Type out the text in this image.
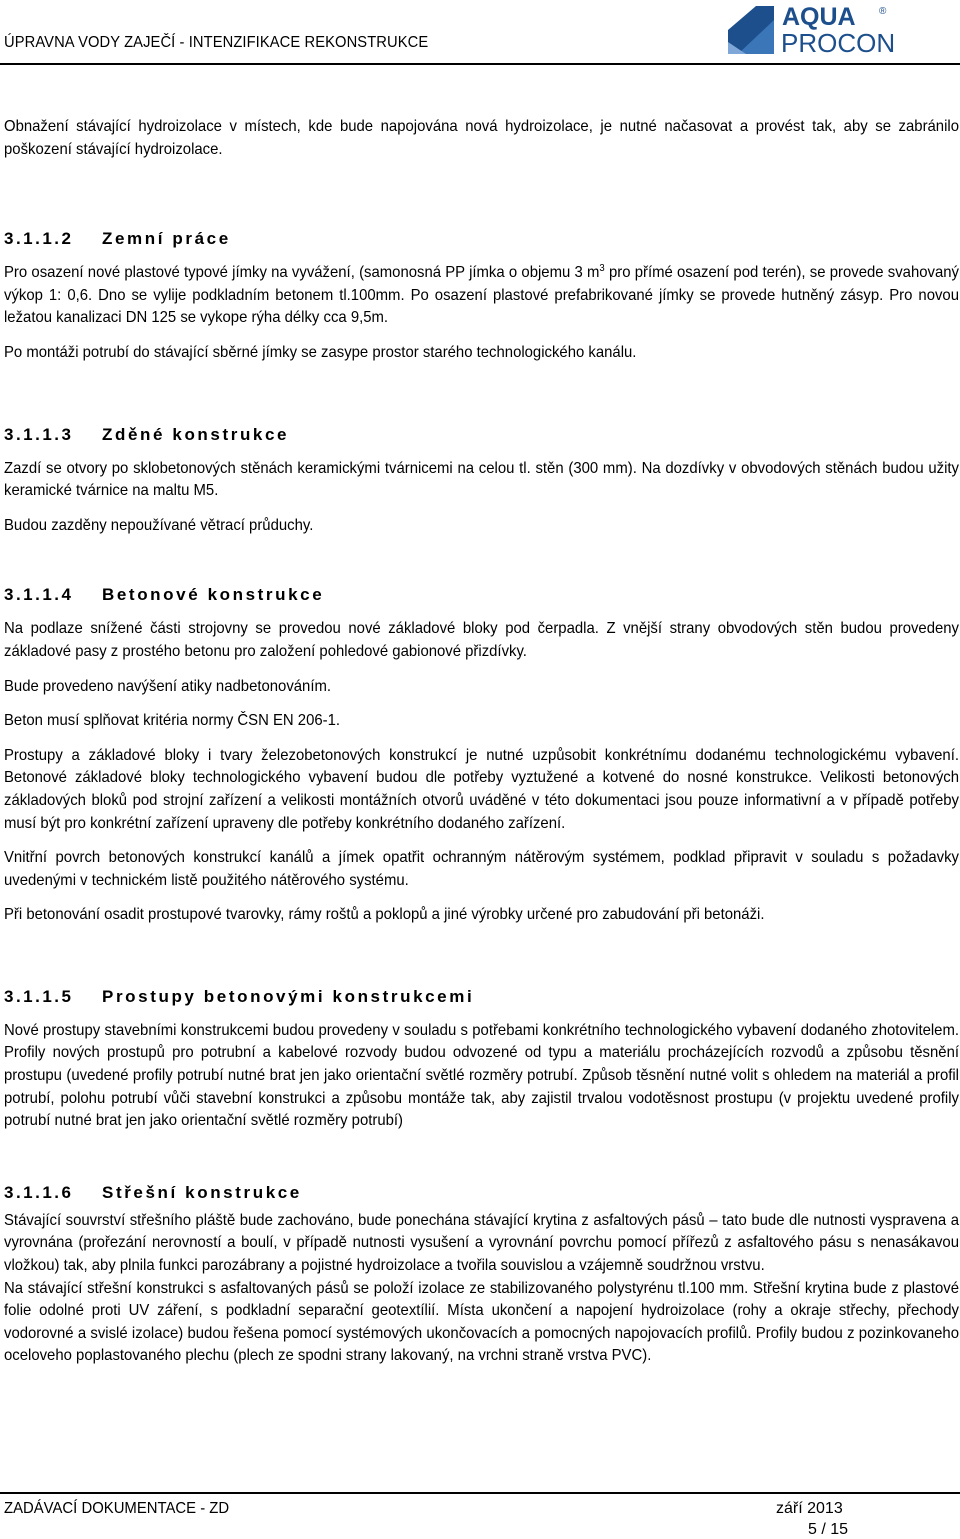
ÚPRAVNA VODY ZAJEČÍ - INTENZIFIKACE REKONSTRUKCE
AQUA ®
PROCON

Obnažení stávající hydroizolace v místech, kde bude napojována nová hydroizolace, je nutné načasovat a provést tak, aby se zabránilo poškození stávající hydroizolace.

3.1.1.2 Zemní práce

Pro osazení nové plastové typové jímky na vyvážení, (samonosná PP jímka o objemu 3 $m^3$ pro přímé osazení pod terén), se provede svahovaný výkop 1: 0,6. Dno se vylije podkladním betonem tl.100mm. Po osazení plastové prefabrikované jímky se provede hutněný zásyp. Pro novou ležatou kanalizaci DN 125 se vykope rýha délky cca 9,5m.

Po montáži potrubí do stávající sběrné jímky se zasype prostor starého technologického kanálu.

3.1.1.3 Zděné konstrukce

Zazdí se otvory po sklobetonových stěnách keramickými tvárnicemi na celou tl. stěn (300 mm). Na dozdívky v obvodových stěnách budou užity keramické tvárnice na maltu M5.

Budou zazděny nepoužívané větrací průduchy.

3.1.1.4 Betonové konstrukce

Na podlaze snížené části strojovny se provedou nové základové bloky pod čerpadla. Z vnější strany obvodových stěn budou provedeny základové pasy z prostého betonu pro založení pohledové gabionové přizdívky.

Bude provedeno navýšení atiky nadbetonováním.

Beton musí splňovat kritéria normy ČSN EN 206-1.

Prostupy a základové bloky i tvary železobetonových konstrukcí je nutné uzpůsobit konkrétnímu dodanému technologickému vybavení. Betonové základové bloky technologického vybavení budou dle potřeby vyztužené a kotvené do nosné konstrukce. Velikosti betonových základových bloků pod strojní zařízení a velikosti montážních otvorů uváděné v této dokumentaci jsou pouze informativní a v případě potřeby musí být pro konkrétní zařízení upraveny dle potřeby konkrétního dodaného zařízení.

Vnitřní povrch betonových konstrukcí kanálů a jímek opatřit ochranným nátěrovým systémem, podklad připravit v souladu s požadavky uvedenými v technickém listě použitého nátěrového systému.

Při betonování osadit prostupové tvarovky, rámy roštů a poklopů a jiné výrobky určené pro zabudování při betonáži.

3.1.1.5 Prostupy betonovými konstrukcemi

Nové prostupy stavebními konstrukcemi budou provedeny v souladu s potřebami konkrétního technologického vybavení dodaného zhotovitelem. Profily nových prostupů pro potrubní a kabelové rozvody budou odvozené od typu a materiálu procházejících rozvodů a způsobu těsnění prostupu (uvedené profily potrubí nutné brat jen jako orientační světlé rozměry potrubí. Způsob těsnění nutné volit s ohledem na materiál a profil potrubí, polohu potrubí vůči stavební konstrukci a způsobu montáže tak, aby zajistil trvalou vodotěsnost prostupu (v projektu uvedené profily potrubí nutné brat jen jako orientační světlé rozměry potrubí)

3.1.1.6 Střešní konstrukce

Stávající souvrství střešního pláště bude zachováno, bude ponechána stávající krytina z asfaltových pásů – tato bude dle nutnosti vyspravena a vyrovnána (prořezání nerovností a boulí, v případě nutnosti vysušení a vyrovnání povrchu pomocí přířezů z asfaltového pásu s nenasákavou vložkou) tak, aby plnila funkci parozábrany a pojistné hydroizolace a tvořila souvislou a vzájemně soudržnou vrstvu.

Na stávající střešní konstrukci s asfaltovaných pásů se položí izolace ze stabilizovaného polystyrénu tl.100 mm. Střešní krytina bude z plastové folie odolné proti UV záření, s podkladní separační geotextílií. Místa ukončení a napojení hydroizolace (rohy a okraje střechy, přechody vodorovné a svislé izolace) budou řešena pomocí systémových ukončovacích a pomocných napojovacích profilů. Profily budou z pozinkovaneho oceloveho poplastovaného plechu (plech ze spodni strany lakovaný, na vrchni straně vrstva PVC).

ZADÁVACÍ DOKUMENTACE - ZD	září 2013
5 / 15
